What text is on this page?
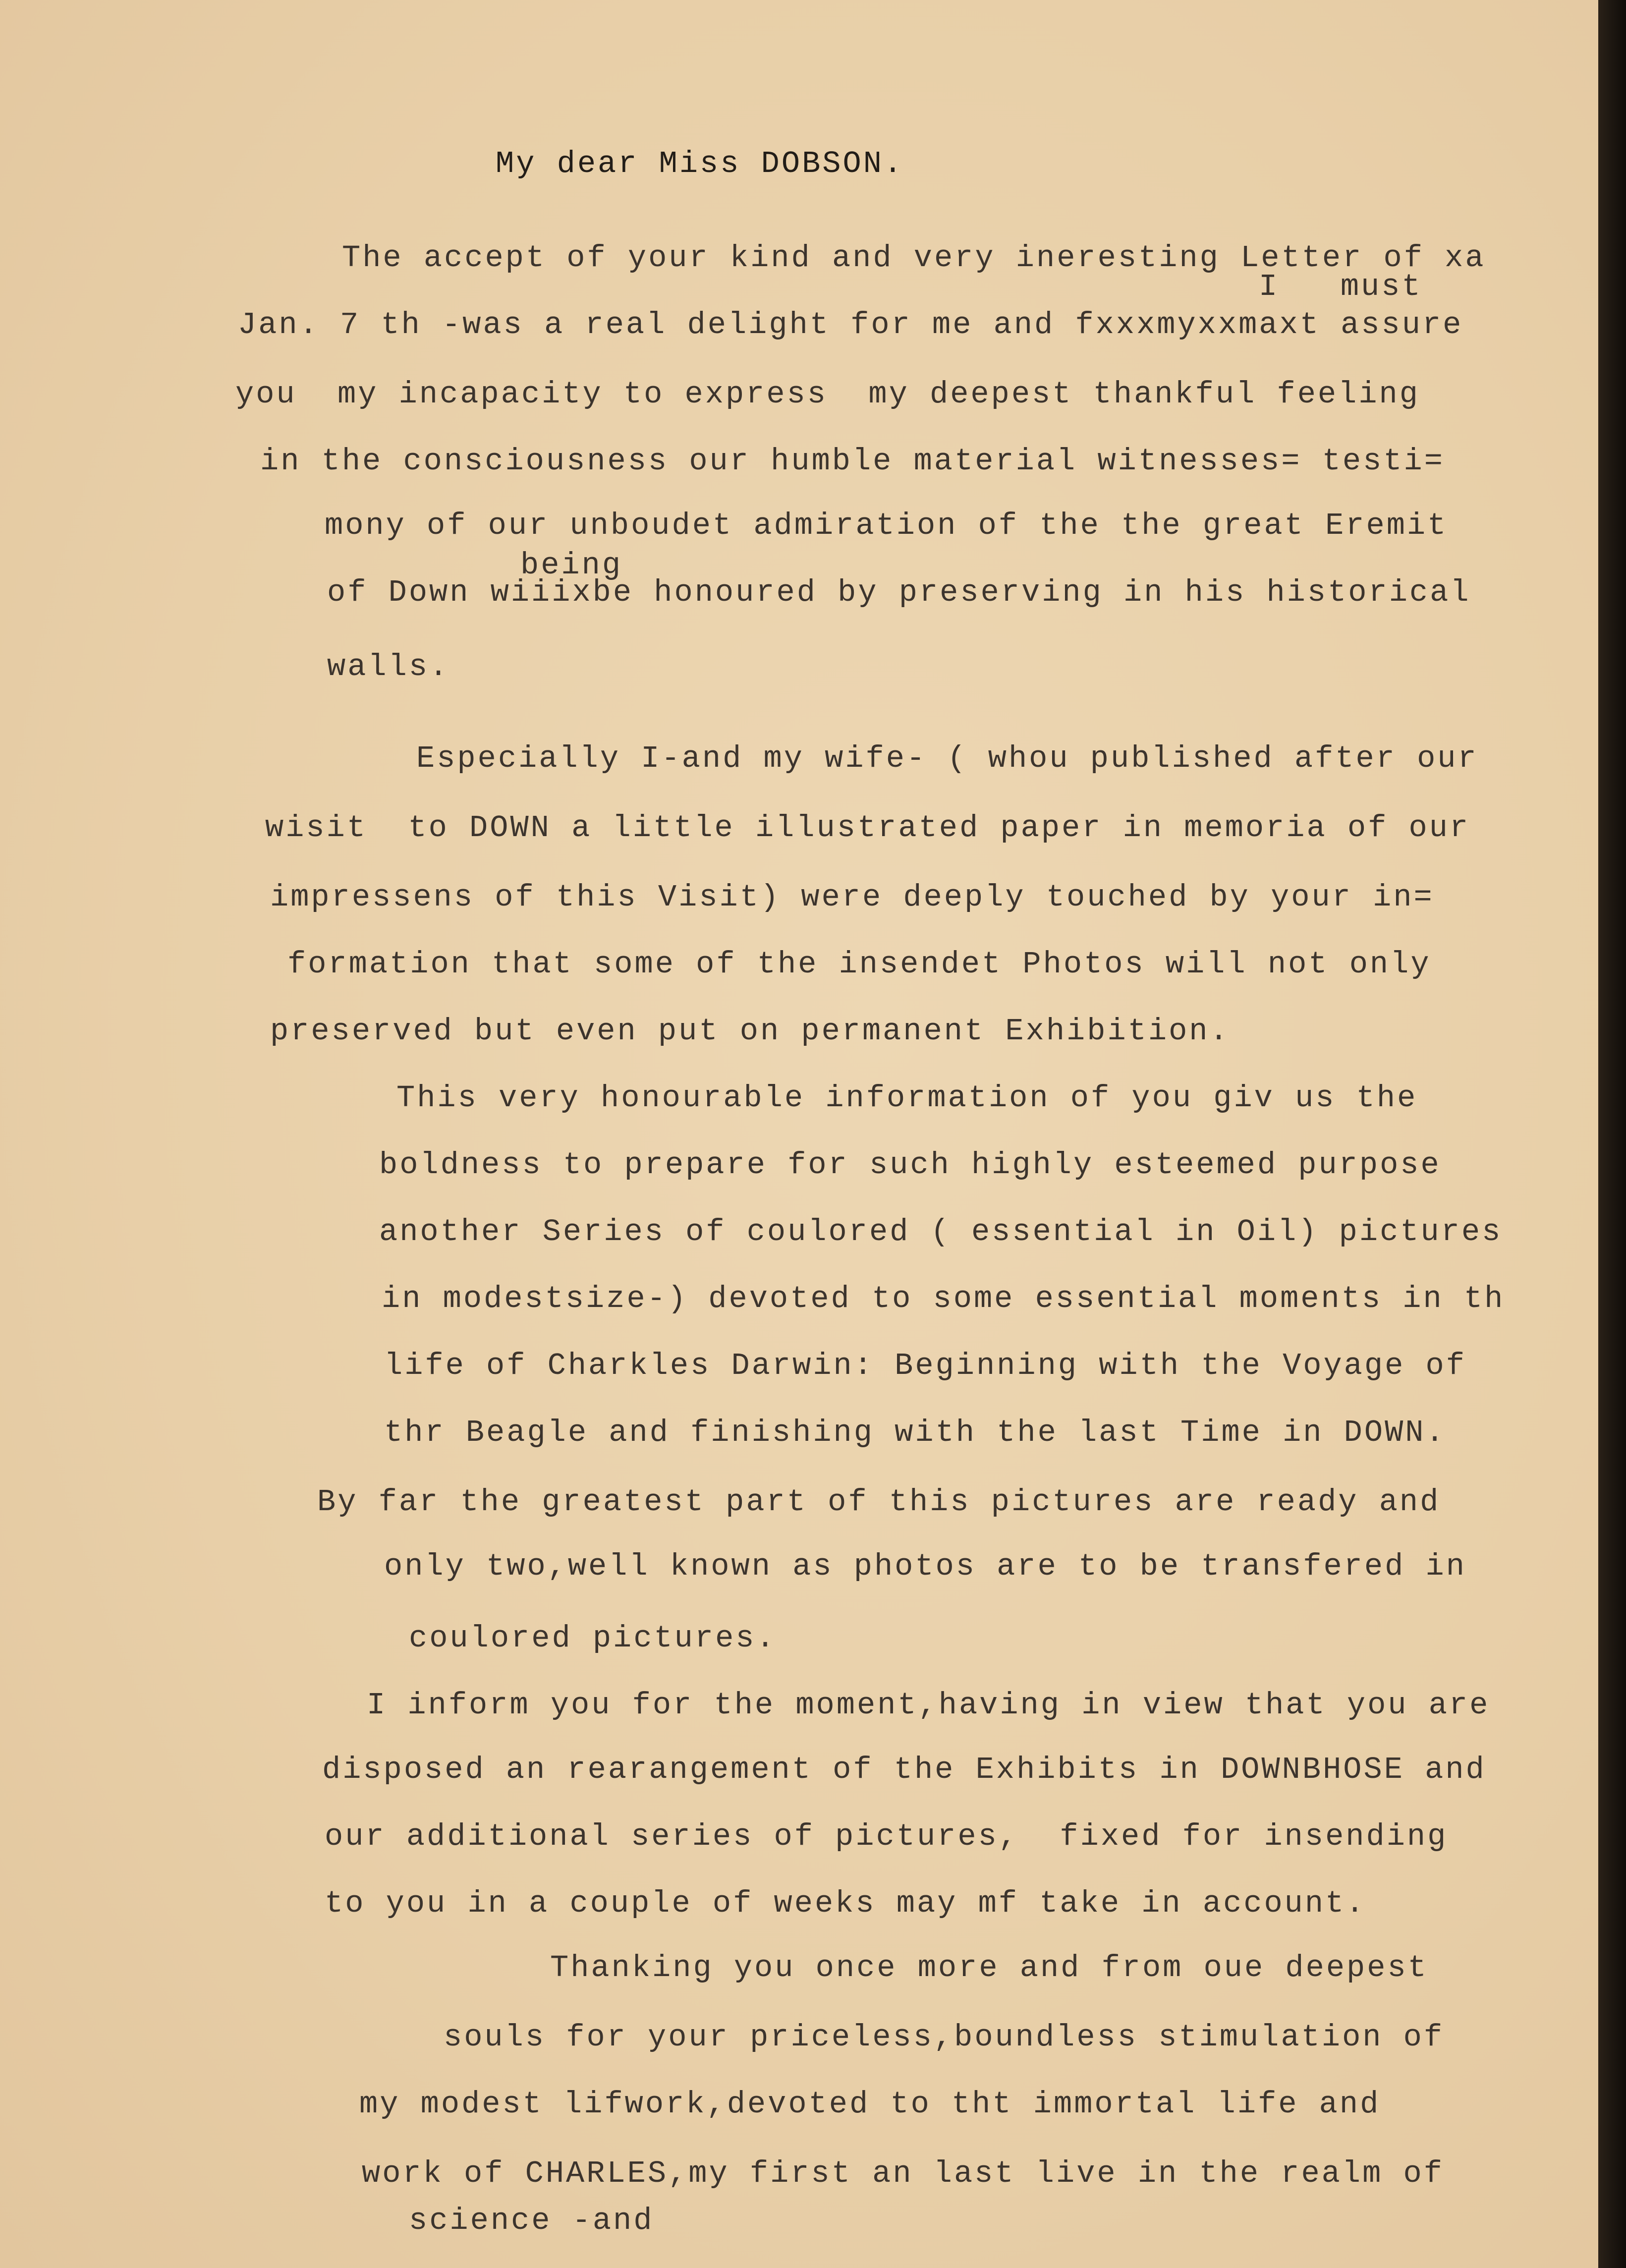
My dear Miss DOBSON.
The accept of your kind and very ineresting Letter of xa
I   must
Jan. 7 th -was a real delight for me and fxxxmyxxmaxt assure
you  my incapacity to express  my deepest thankful feeling
in the consciousness our humble material witnesses= testi=
mony of our unboudet admiration of the the great Eremit
being
of Down wiiixbe honoured by preserving in his historical
walls.
Especially I-and my wife- ( whou published after our
wisit  to DOWN a little illustrated paper in memoria of our
impressens of this Visit) were deeply touched by your in=
formation that some of the insendet Photos will not only
preserved but even put on permanent Exhibition.
This very honourable information of you giv us the
boldness to prepare for such highly esteemed purpose
another Series of coulored ( essential in Oil) pictures
in modestsize-) devoted to some essential moments in th
life of Charkles Darwin: Beginning with the Voyage of
thr Beagle and finishing with the last Time in DOWN.
By far the greatest part of this pictures are ready and
only two,well known as photos are to be transfered in
coulored pictures.
I inform you for the moment,having in view that you are
disposed an rearangement of the Exhibits in DOWNBHOSE and
our additional series of pictures,  fixed for insending
to you in a couple of weeks may mf take in account.
Thanking you once more and from oue deepest
souls for your priceless,boundless stimulation of
my modest lifwork,devoted to tht immortal life and
work of CHARLES,my first an last live in the realm of
science -and
